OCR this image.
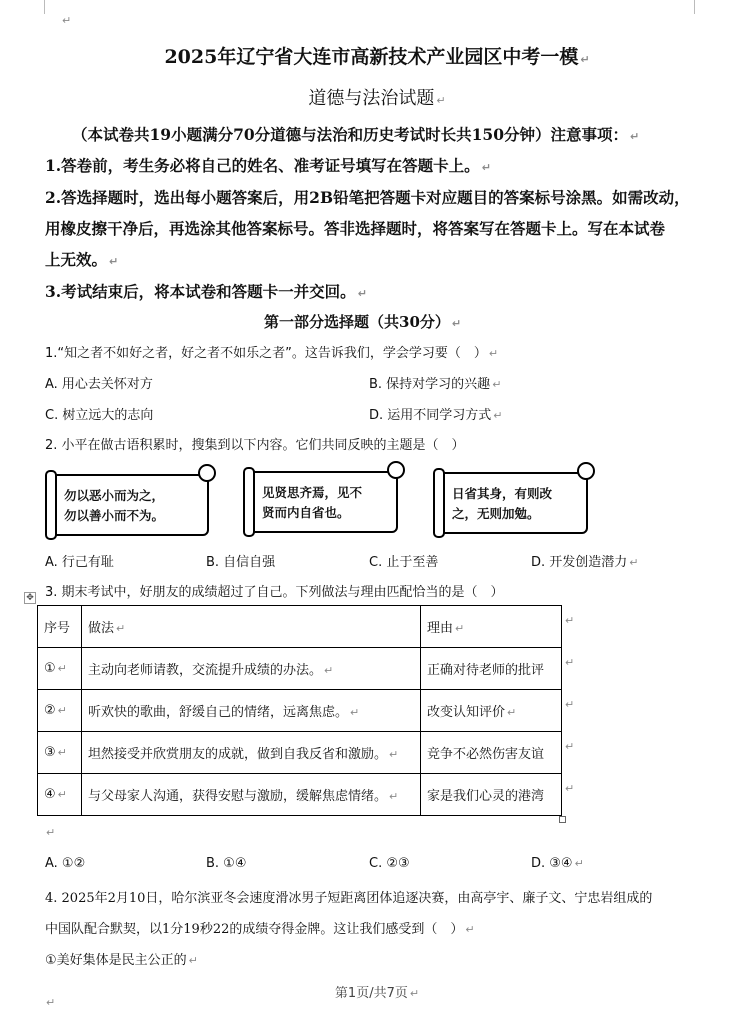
↵
2025年辽宁省大连市高新技术产业园区中考一模 ↵
道德与法治试题 ↵
（本试卷共19小题满分70分道德与法治和历史考试时长共150分钟）注意事项： ↵
1.答卷前，考生务必将自己的姓名、准考证号填写在答题卡上。 ↵
2.答选择题时，选出每小题答案后，用2B铅笔把答题卡对应题目的答案标号涂黑。如需改动，
用橡皮擦干净后，再选涂其他答案标号。答非选择题时，将答案写在答题卡上。写在本试卷
上无效。 ↵
3.考试结束后，将本试卷和答题卡一并交回。 ↵
第一部分选择题（共30分） ↵
1.“知之者不如好之者，好之者不如乐之者”。这告诉我们，学会学习要（　） ↵
A. 用心去关怀对方	B. 保持对学习的兴趣 ↵
C. 树立远大的志向	D. 运用不同学习方式 ↵
2. 小平在做古语积累时，搜集到以下内容。它们共同反映的主题是（　）
勿以恶小而为之，
勿以善小而不为。
见贤思齐焉，见不
贤而内自省也。
日省其身，有则改
之，无则加勉。
A. 行己有耻	B. 自信自强	C. 止于至善	D. 开发创造潜力 ↵
3. 期末考试中，好朋友的成绩超过了自己。下列做法与理由匹配恰当的是（　）
✥
序号	做法 ↵	理由 ↵
① ↵	主动向老师请教，交流提升成绩的办法。 ↵	正确对待老师的批评
② ↵	听欢快的歌曲，舒缓自己的情绪，远离焦虑。 ↵	改变认知评价 ↵
③ ↵	坦然接受并欣赏朋友的成就，做到自我反省和激励。 ↵	竞争不必然伤害友谊
④ ↵	与父母家人沟通，获得安慰与激励，缓解焦虑情绪。 ↵	家是我们心灵的港湾
↵
↵
↵
↵
↵
↵
A. ①②	B. ①④	C. ②③	D. ③④ ↵
4. 2025年2月10日，哈尔滨亚冬会速度滑冰男子短距离团体追逐决赛，由高亭宇、廉子文、宁忠岩组成的
中国队配合默契，以1分19秒22的成绩夺得金牌。这让我们感受到（　） ↵
①美好集体是民主公正的 ↵
第1页/共7页 ↵
↵
